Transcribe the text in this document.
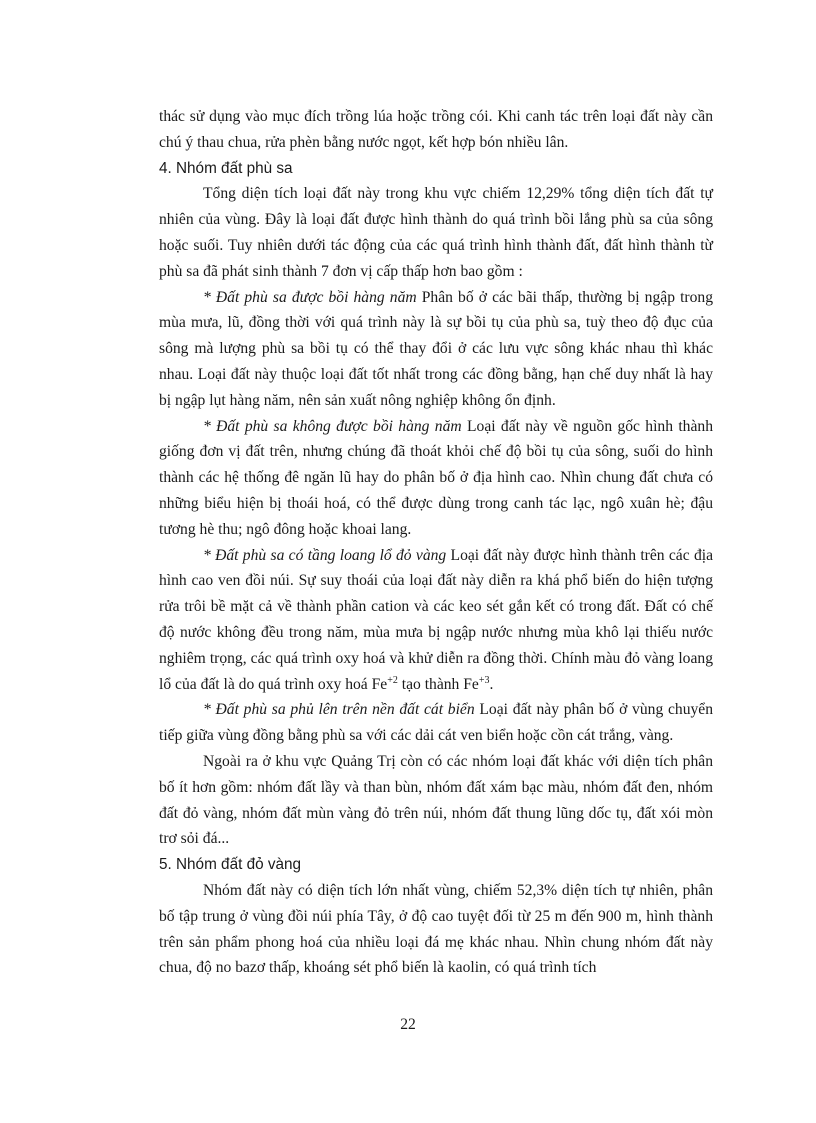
thác sử dụng vào mục đích trồng lúa hoặc trồng cói. Khi canh tác trên loại đất này cần chú ý thau chua, rửa phèn bằng nước ngọt, kết hợp bón nhiều lân.

4. Nhóm đất phù sa

Tổng diện tích loại đất này trong khu vực chiếm 12,29% tổng diện tích đất tự nhiên của vùng. Đây là loại đất được hình thành do quá trình bồi lắng phù sa của sông hoặc suối. Tuy nhiên dưới tác động của các quá trình hình thành đất, đất hình thành từ phù sa đã phát sinh thành 7 đơn vị cấp thấp hơn bao gồm :

* Đất phù sa được bồi hàng năm Phân bố ở các bãi thấp, thường bị ngập trong mùa mưa, lũ, đồng thời với quá trình này là sự bồi tụ của phù sa, tuỳ theo độ đục của sông mà lượng phù sa bồi tụ có thể thay đổi ở các lưu vực sông khác nhau thì khác nhau. Loại đất này thuộc loại đất tốt nhất trong các đồng bằng, hạn chế duy nhất là hay bị ngập lụt hàng năm, nên sản xuất nông nghiệp không ổn định.

* Đất phù sa không được bồi hàng năm Loại đất này về nguồn gốc hình thành giống đơn vị đất trên, nhưng chúng đã thoát khỏi chế độ bồi tụ của sông, suối do hình thành các hệ thống đê ngăn lũ hay do phân bố ở địa hình cao. Nhìn chung đất chưa có những biểu hiện bị thoái hoá, có thể được dùng trong canh tác lạc, ngô xuân hè; đậu tương hè thu; ngô đông hoặc khoai lang.

* Đất phù sa có tầng loang lổ đỏ vàng Loại đất này được hình thành trên các địa hình cao ven đồi núi. Sự suy thoái của loại đất này diễn ra khá phổ biến do hiện tượng rửa trôi bề mặt cả về thành phần cation và các keo sét gắn kết có trong đất. Đất có chế độ nước không đều trong năm, mùa mưa bị ngập nước nhưng mùa khô lại thiếu nước nghiêm trọng, các quá trình oxy hoá và khử diễn ra đồng thời. Chính màu đỏ vàng loang lổ của đất là do quá trình oxy hoá $Fe^{+2}$ tạo thành $Fe^{+3}$.

* Đất phù sa phủ lên trên nền đất cát biển Loại đất này phân bố ở vùng chuyển tiếp giữa vùng đồng bằng phù sa với các dải cát ven biển hoặc cồn cát trắng, vàng.

Ngoài ra ở khu vực Quảng Trị còn có các nhóm loại đất khác với diện tích phân bố ít hơn gồm: nhóm đất lầy và than bùn, nhóm đất xám bạc màu, nhóm đất đen, nhóm đất đỏ vàng, nhóm đất mùn vàng đỏ trên núi, nhóm đất thung lũng dốc tụ, đất xói mòn trơ sỏi đá...

5. Nhóm đất đỏ vàng

Nhóm đất này có diện tích lớn nhất vùng, chiếm 52,3% diện tích tự nhiên, phân bố tập trung ở vùng đồi núi phía Tây, ở độ cao tuyệt đối từ 25 m đến 900 m, hình thành trên sản phẩm phong hoá của nhiều loại đá mẹ khác nhau. Nhìn chung nhóm đất này chua, độ no bazơ thấp, khoáng sét phổ biến là kaolin, có quá trình tích

22
